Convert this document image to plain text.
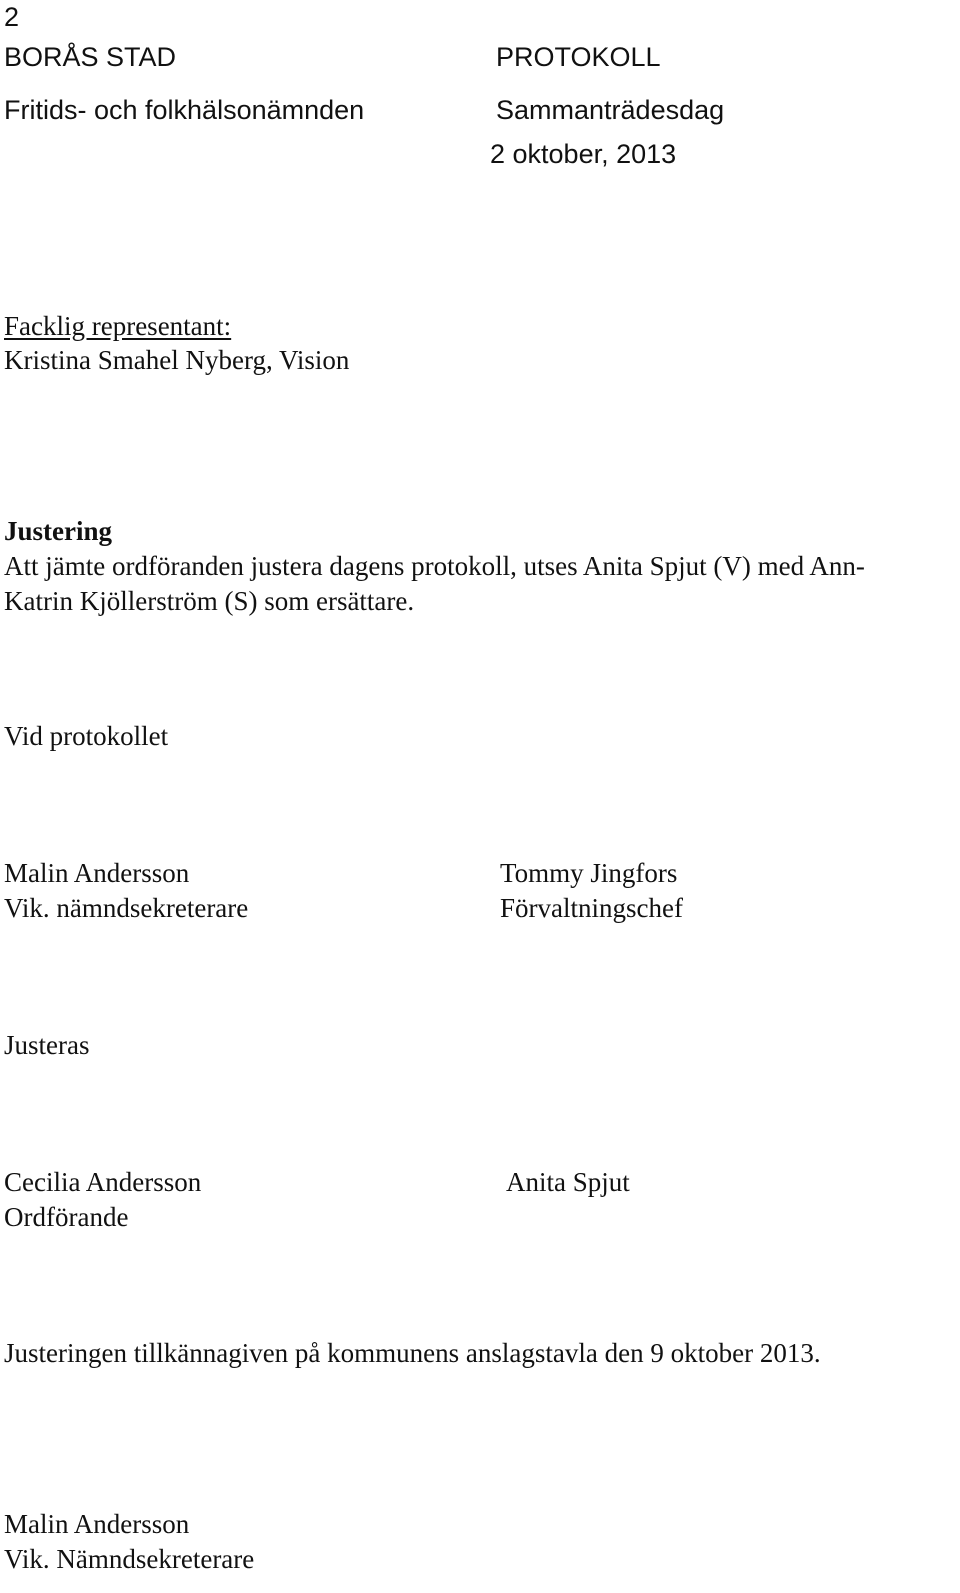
2
BORÅS STAD	PROTOKOLL
Fritids- och folkhälsonämnden	Sammanträdesdag
2 oktober, 2013
Facklig representant:
Kristina Smahel Nyberg, Vision
Justering
Att jämte ordföranden justera dagens protokoll, utses Anita Spjut (V) med Ann-
Katrin Kjöllerström (S) som ersättare.
Vid protokollet
Malin Andersson
Vik. nämndsekreterare
Tommy Jingfors
Förvaltningschef
Justeras
Cecilia Andersson
Ordförande
Anita Spjut
Justeringen tillkännagiven på kommunens anslagstavla den 9 oktober 2013.
Malin Andersson
Vik. Nämndsekreterare
